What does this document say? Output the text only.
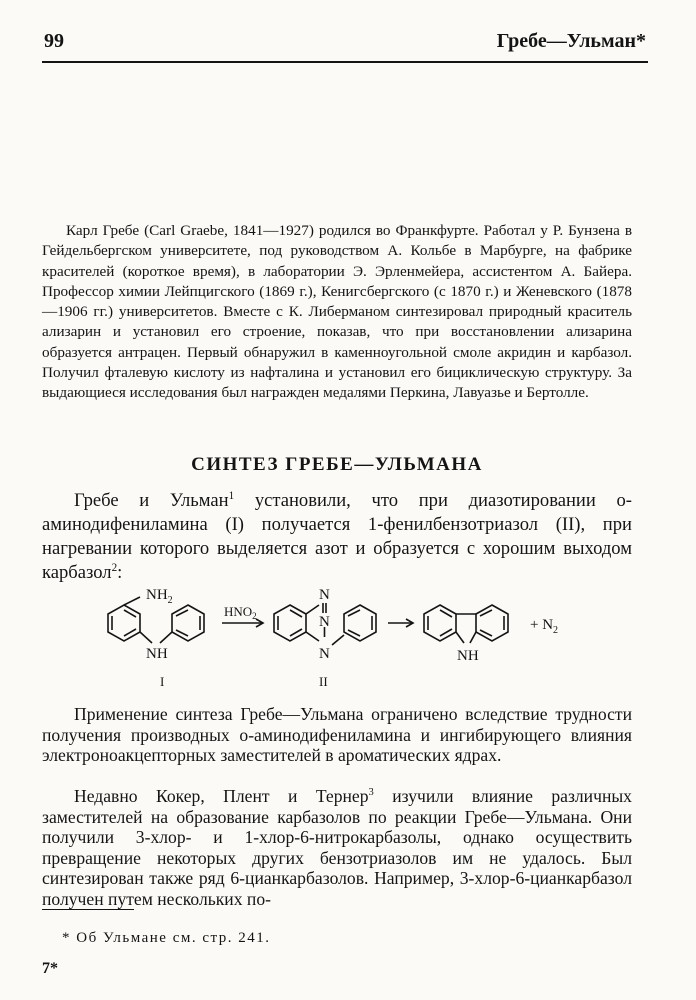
99	Гребе—Ульман*

Карл Гребе (Carl Graebe, 1841—1927) родился во Франкфурте. Работал у Р. Бунзена в Гейдельбергском университете, под руководством А. Кольбе в Марбурге, на фабрике красителей (короткое время), в лаборатории Э. Эрленмейера, ассистентом А. Байера. Профессор химии Лейпцигского (1869 г.), Кенигсбергского (с 1870 г.) и Женевского (1878—1906 гг.) университетов. Вместе с К. Либерманом синтезировал природный краситель ализарин и установил его строение, показав, что при восстановлении ализарина образуется антрацен. Первый обнаружил в каменноугольной смоле акридин и карбазол. Получил фталевую кислоту из нафталина и установил его бициклическую структуру. За выдающиеся исследования был награжден медалями Перкина, Лавуазье и Бертолле.

СИНТЕЗ ГРЕБЕ—УЛЬМАНА

Гребе и Ульман$^1$ установили, что при диазотировании о-аминодифениламина (I) получается 1-фенилбензотриазол (II), при нагревании которого выделяется азот и образуется с хорошим выходом карбазол$^2$:

$NH_2$
NH
$HNO_2$
N
N
N	NH
+ $N_2$
I	II

Применение синтеза Гребе—Ульмана ограничено вследствие трудности получения производных о-аминодифениламина и ингибирующего влияния электроноакцепторных заместителей в ароматических ядрах.

Недавно Кокер, Плент и Тернер$^3$ изучили влияние различных заместителей на образование карбазолов по реакции Гребе—Ульмана. Они получили 3-хлор- и 1-хлор-6-нитрокарбазолы, однако осуществить превращение некоторых других бензотриазолов им не удалось. Был синтезирован также ряд 6-цианкарбазолов. Например, 3-хлор-6-цианкарбазол получен путем нескольких по-

* Об Ульмане см. стр. 241.
7*
